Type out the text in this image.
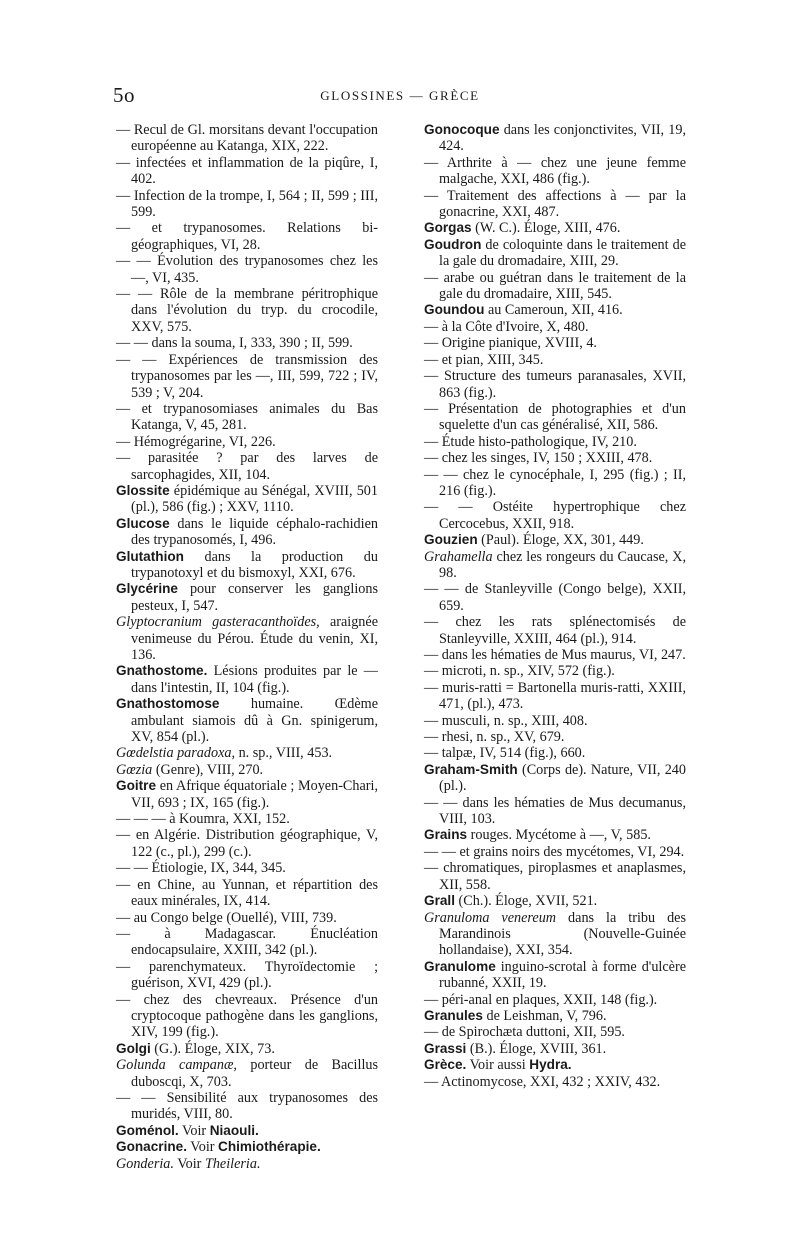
5o	GLOSSINES — GRÈCE

— Recul de Gl. morsitans devant l'occupation européenne au Katanga, XIX, 222.

— infectées et inflammation de la piqûre, I, 402.

— Infection de la trompe, I, 564 ; II, 599 ; III, 599.

— et trypanosomes. Relations bi-géographiques, VI, 28.

— — Évolution des trypanosomes chez les —, VI, 435.

— — Rôle de la membrane péritrophique dans l'évolution du tryp. du crocodile, XXV, 575.

— — dans la souma, I, 333, 390 ; II, 599.

— — Expériences de transmission des trypanosomes par les —, III, 599, 722 ; IV, 539 ; V, 204.

— et trypanosomiases animales du Bas Katanga, V, 45, 281.

— Hémogrégarine, VI, 226.

— parasitée ? par des larves de sarcophagides, XII, 104.

Glossite épidémique au Sénégal, XVIII, 501 (pl.), 586 (fig.) ; XXV, 1110.

Glucose dans le liquide céphalo-rachidien des trypanosomés, I, 496.

Glutathion dans la production du trypanotoxyl et du bismoxyl, XXI, 676.

Glycérine pour conserver les ganglions pesteux, I, 547.

Glyptocranium gasteracanthoïdes, araignée venimeuse du Pérou. Étude du venin, XI, 136.

Gnathostome. Lésions produites par le — dans l'intestin, II, 104 (fig.).

Gnathostomose humaine. Œdème ambulant siamois dû à Gn. spinigerum, XV, 854 (pl.).

Gœdelstia paradoxa, n. sp., VIII, 453.

Gœzia (Genre), VIII, 270.

Goitre en Afrique équatoriale ; Moyen-Chari, VII, 693 ; IX, 165 (fig.).

— — — à Koumra, XXI, 152.

— en Algérie. Distribution géographique, V, 122 (c., pl.), 299 (c.).

— — Étiologie, IX, 344, 345.

— en Chine, au Yunnan, et répartition des eaux minérales, IX, 414.

— au Congo belge (Ouellé), VIII, 739.

— à Madagascar. Énucléation endocapsulaire, XXIII, 342 (pl.).

— parenchymateux. Thyroïdectomie ; guérison, XVI, 429 (pl.).

— chez des chevreaux. Présence d'un cryptocoque pathogène dans les ganglions, XIV, 199 (fig.).

Golgi (G.). Éloge, XIX, 73.

Golunda campanæ, porteur de Bacillus duboscqi, X, 703.

— — Sensibilité aux trypanosomes des muridés, VIII, 80.

Goménol. Voir Niaouli.

Gonacrine. Voir Chimiothérapie.

Gonderia. Voir Theileria.

Gonocoque dans les conjonctivites, VII, 19, 424.

— Arthrite à — chez une jeune femme malgache, XXI, 486 (fig.).

— Traitement des affections à — par la gonacrine, XXI, 487.

Gorgas (W. C.). Éloge, XIII, 476.

Goudron de coloquinte dans le traitement de la gale du dromadaire, XIII, 29.

— arabe ou guétran dans le traitement de la gale du dromadaire, XIII, 545.

Goundou au Cameroun, XII, 416.

— à la Côte d'Ivoire, X, 480.

— Origine pianique, XVIII, 4.

— et pian, XIII, 345.

— Structure des tumeurs paranasales, XVII, 863 (fig.).

— Présentation de photographies et d'un squelette d'un cas généralisé, XII, 586.

— Étude histo-pathologique, IV, 210.

— chez les singes, IV, 150 ; XXIII, 478.

— — chez le cynocéphale, I, 295 (fig.) ; II, 216 (fig.).

— — Ostéite hypertrophique chez Cercocebus, XXII, 918.

Gouzien (Paul). Éloge, XX, 301, 449.

Grahamella chez les rongeurs du Caucase, X, 98.

— — de Stanleyville (Congo belge), XXII, 659.

— chez les rats splénectomisés de Stanleyville, XXIII, 464 (pl.), 914.

— dans les hématies de Mus maurus, VI, 247.

— microti, n. sp., XIV, 572 (fig.).

— muris-ratti = Bartonella muris-ratti, XXIII, 471, (pl.), 473.

— musculi, n. sp., XIII, 408.

— rhesi, n. sp., XV, 679.

— talpæ, IV, 514 (fig.), 660.

Graham-Smith (Corps de). Nature, VII, 240 (pl.).

— — dans les hématies de Mus decumanus, VIII, 103.

Grains rouges. Mycétome à —, V, 585.

— — et grains noirs des mycétomes, VI, 294.

— chromatiques, piroplasmes et anaplasmes, XII, 558.

Grall (Ch.). Éloge, XVII, 521.

Granuloma venereum dans la tribu des Marandinois (Nouvelle-Guinée hollandaise), XXI, 354.

Granulome inguino-scrotal à forme d'ulcère rubanné, XXII, 19.

— péri-anal en plaques, XXII, 148 (fig.).

Granules de Leishman, V, 796.

— de Spirochæta duttoni, XII, 595.

Grassi (B.). Éloge, XVIII, 361.

Grèce. Voir aussi Hydra.

— Actinomycose, XXI, 432 ; XXIV, 432.
